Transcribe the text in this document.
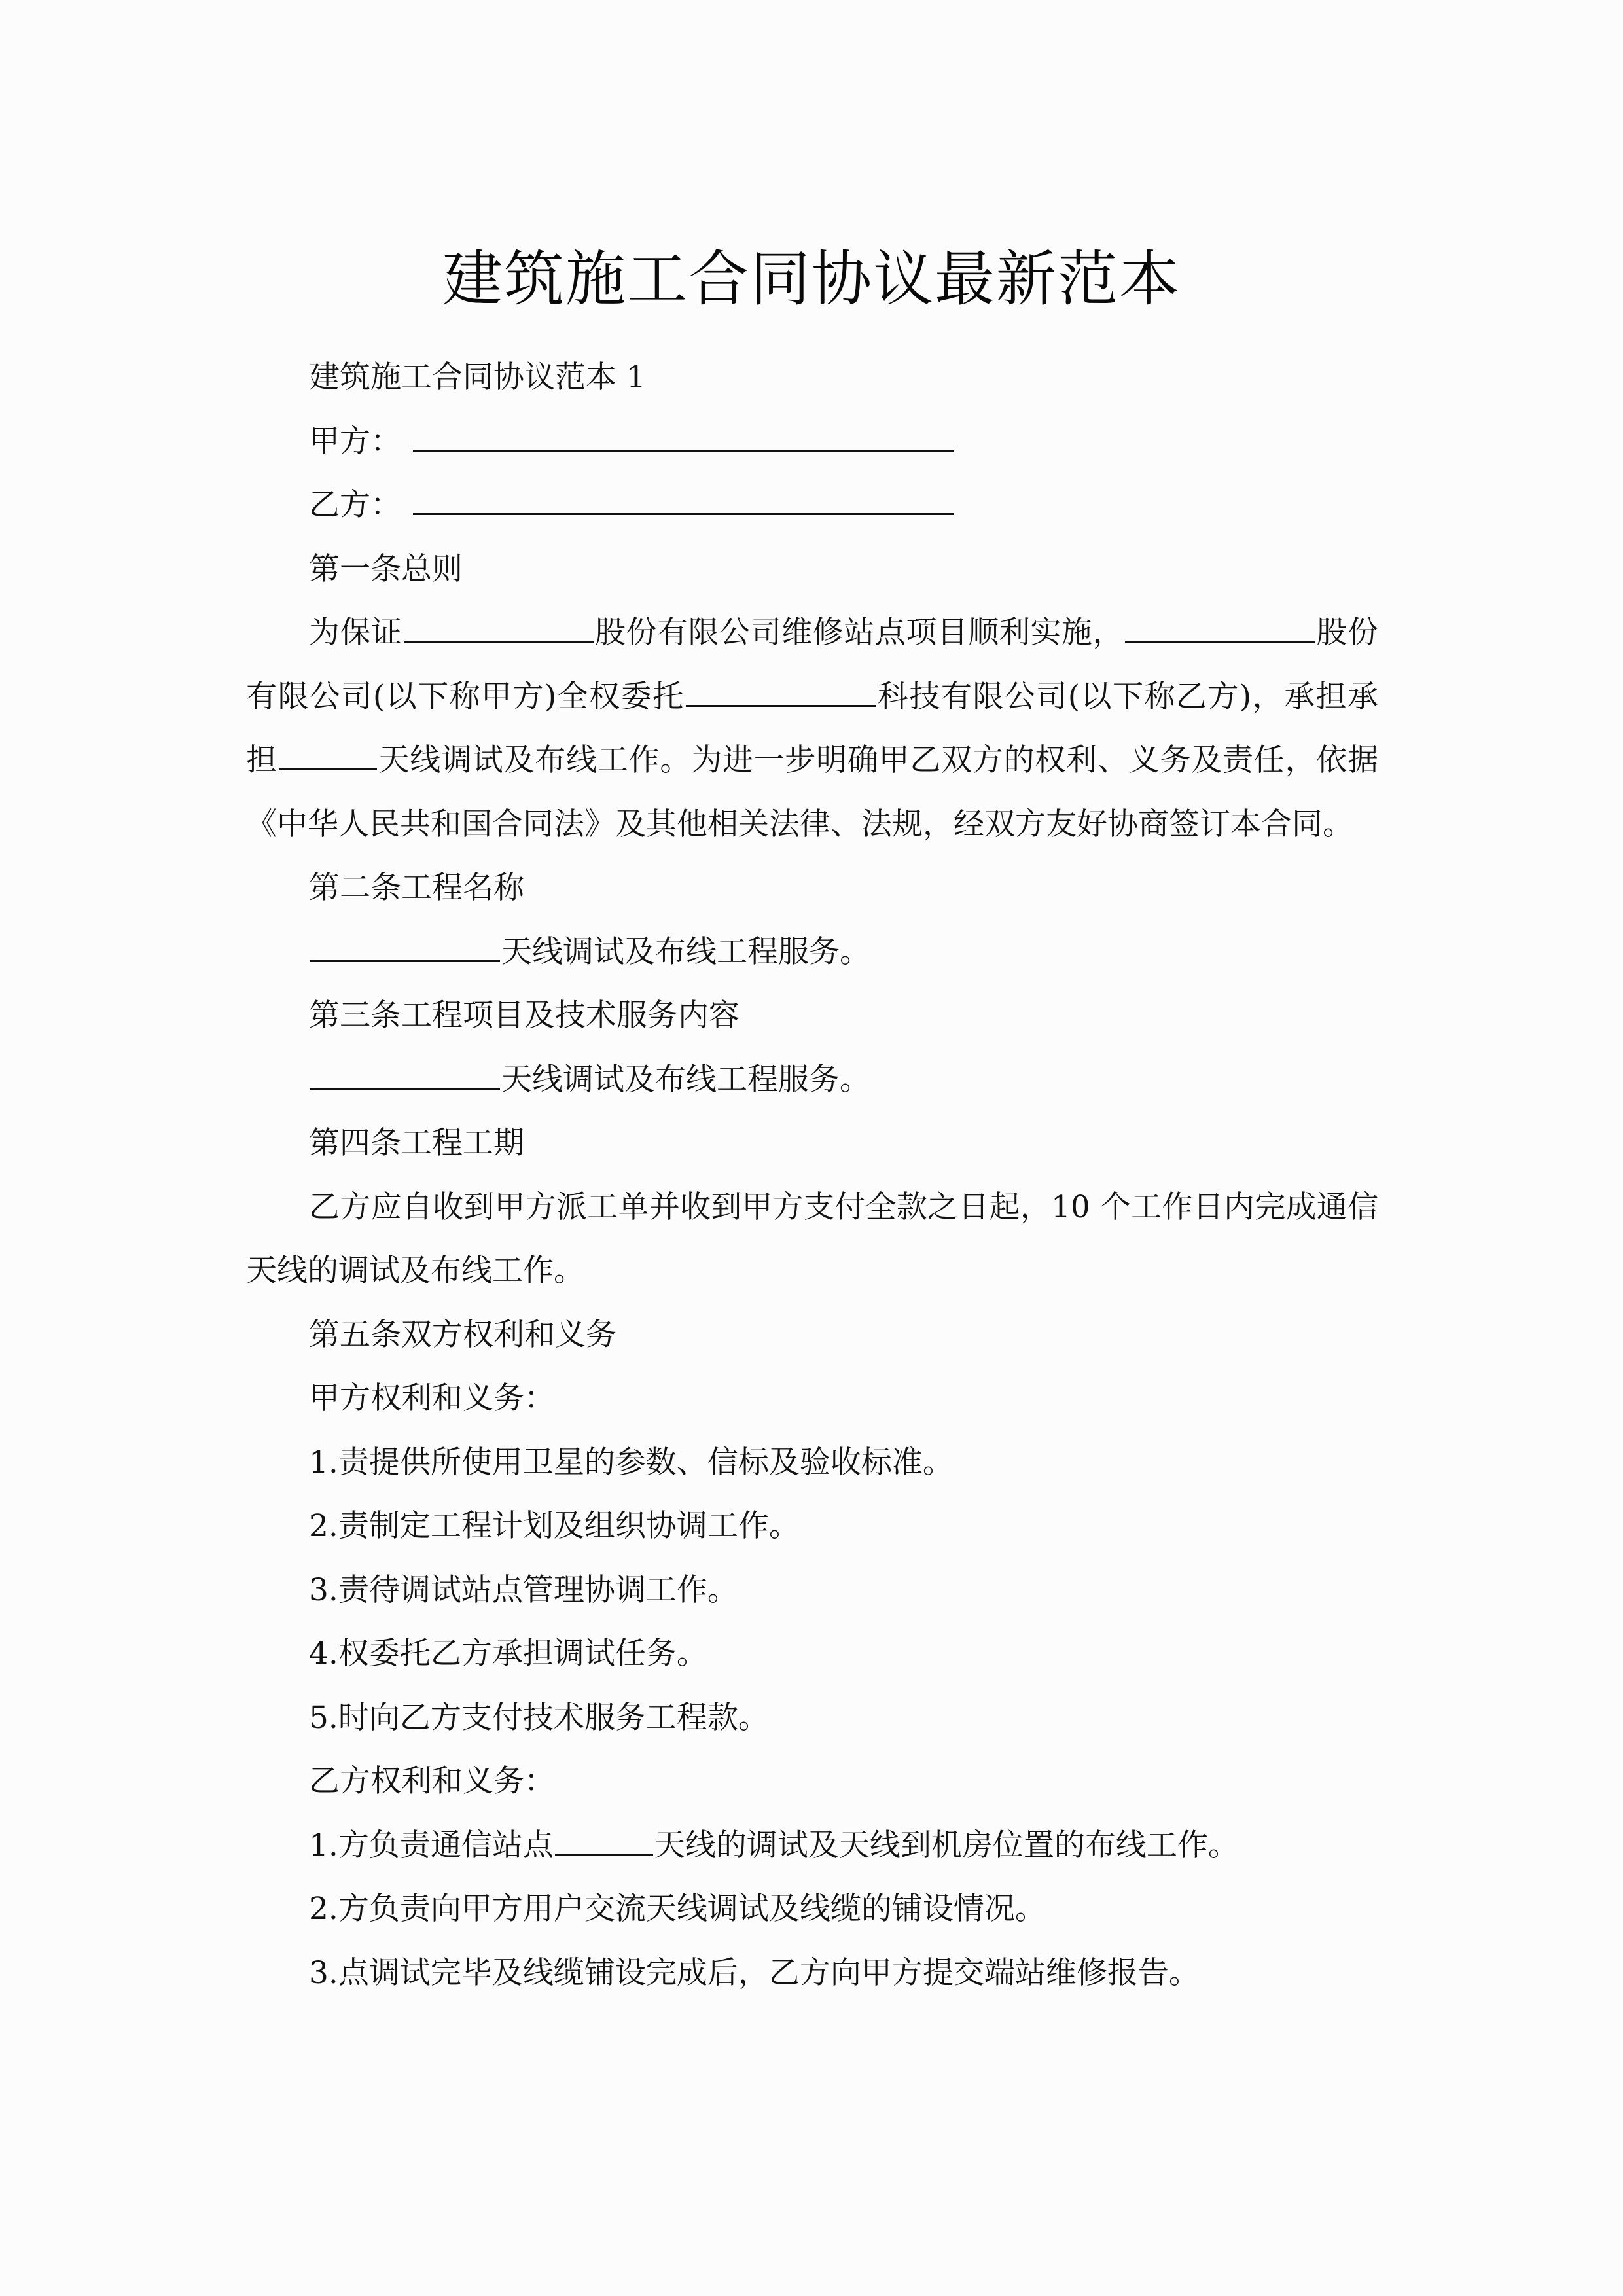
建筑施工合同协议最新范本

建筑施工合同协议范本 1

甲方：

乙方：

第一条总则

为保证	股份有限公司维修站点项目顺利实施，	股份有限公司(以下称甲方)全权委托	科技有限公司(以下称乙方)，承担承担	天线调试及布线工作。为进一步明确甲乙双方的权利、义务及责任，依据《中华人民共和国合同法》及其他相关法律、法规，经双方友好协商签订本合同。

第二条工程名称

天线调试及布线工程服务。

第三条工程项目及技术服务内容

天线调试及布线工程服务。

第四条工程工期

乙方应自收到甲方派工单并收到甲方支付全款之日起，10 个工作日内完成通信天线的调试及布线工作。

第五条双方权利和义务

甲方权利和义务：

1.责提供所使用卫星的参数、信标及验收标准。

2.责制定工程计划及组织协调工作。

3.责待调试站点管理协调工作。

4.权委托乙方承担调试任务。

5.时向乙方支付技术服务工程款。

乙方权利和义务：

1.方负责通信站点	天线的调试及天线到机房位置的布线工作。

2.方负责向甲方用户交流天线调试及线缆的铺设情况。

3.点调试完毕及线缆铺设完成后，乙方向甲方提交端站维修报告。
